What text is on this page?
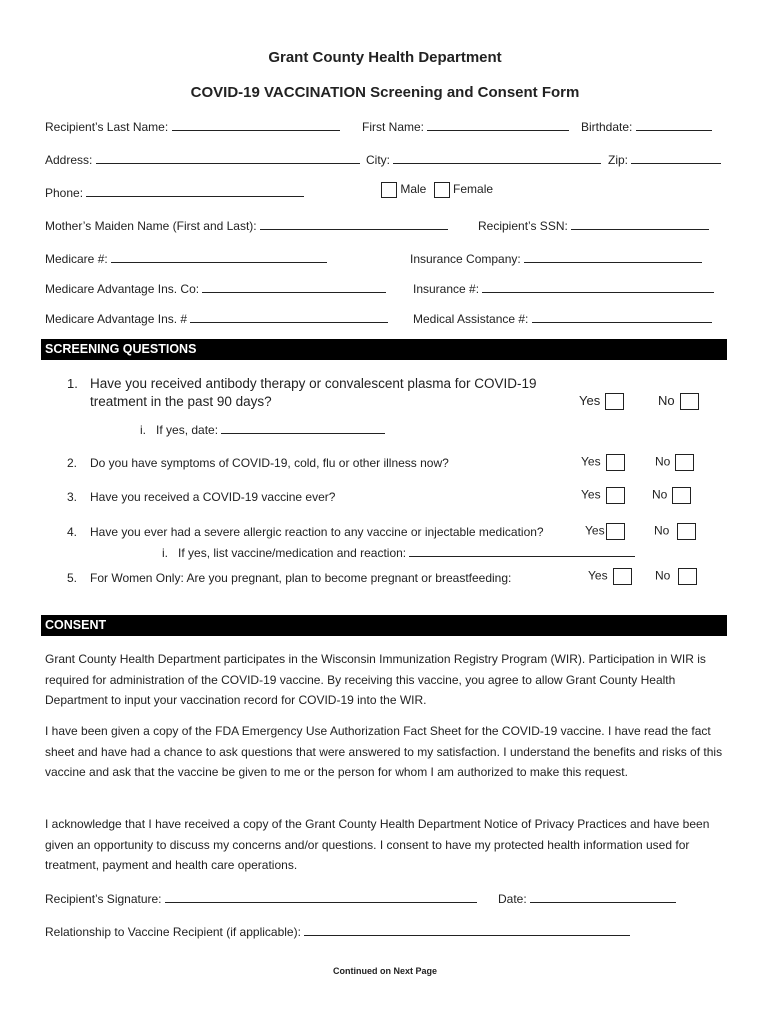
Grant County Health Department
COVID-19 VACCINATION Screening and Consent Form
Recipient’s Last Name:	First Name:	Birthdate:
Address:	City:	Zip:
Phone:	Male Female
Mother’s Maiden Name (First and Last):	Recipient’s SSN:
Medicare #:	Insurance Company:
Medicare Advantage Ins. Co:	Insurance #:
Medicare Advantage Ins. #	Medical Assistance #:
SCREENING QUESTIONS
1. Have you received antibody therapy or convalescent plasma for COVID-19
treatment in the past 90 days?	Yes	No
i. If yes, date:
2. Do you have symptoms of COVID-19, cold, flu or other illness now?	Yes	No
3. Have you received a COVID-19 vaccine ever?	Yes	No
4. Have you ever had a severe allergic reaction to any vaccine or injectable medication?	Yes	No
i. If yes, list vaccine/medication and reaction:
5. For Women Only: Are you pregnant, plan to become pregnant or breastfeeding:	Yes	No
CONSENT
Grant County Health Department participates in the Wisconsin Immunization Registry Program (WIR). Participation in WIR is required for administration of the COVID-19 vaccine. By receiving this vaccine, you agree to allow Grant County Health Department to input your vaccination record for COVID-19 into the WIR.
I have been given a copy of the FDA Emergency Use Authorization Fact Sheet for the COVID-19 vaccine. I have read the fact sheet and have had a chance to ask questions that were answered to my satisfaction. I understand the benefits and risks of this vaccine and ask that the vaccine be given to me or the person for whom I am authorized to make this request.
I acknowledge that I have received a copy of the Grant County Health Department Notice of Privacy Practices and have been given an opportunity to discuss my concerns and/or questions. I consent to have my protected health information used for treatment, payment and health care operations.
Recipient’s Signature:	Date:
Relationship to Vaccine Recipient (if applicable):
Continued on Next Page
